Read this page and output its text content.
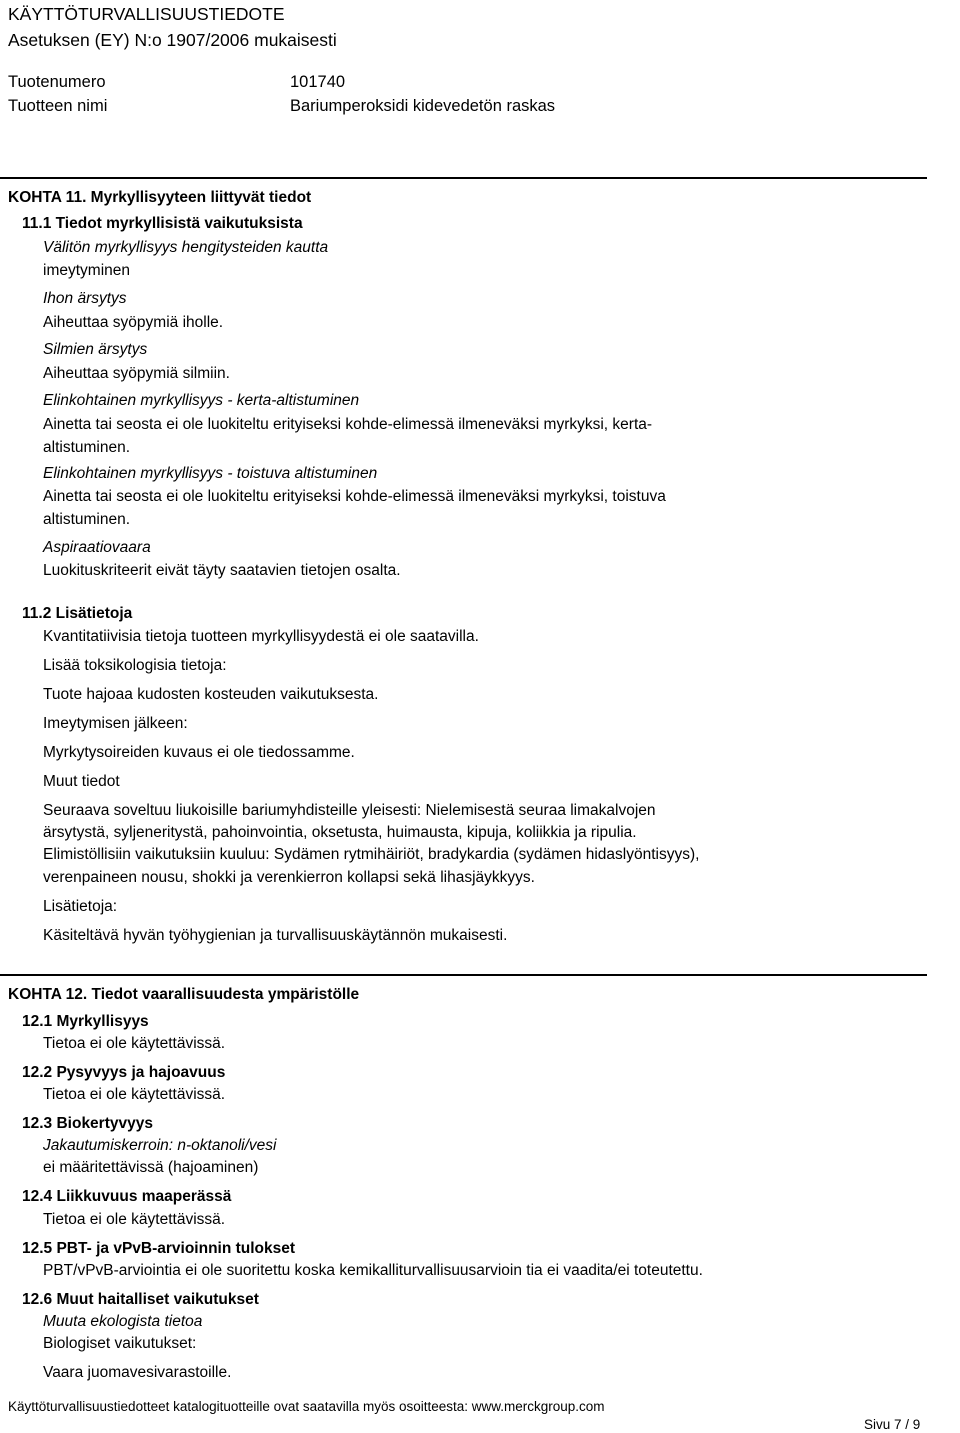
KÄYTTÖTURVALLISUUSTIEDOTE
Asetuksen (EY) N:o 1907/2006 mukaisesti
Tuotenumero	101740
Tuotteen nimi	Bariumperoksidi kidevedetön raskas
KOHTA 11. Myrkyllisyyteen liittyvät tiedot
11.1 Tiedot myrkyllisistä vaikutuksista
Välitön myrkyllisyys hengitysteiden kautta
imeytyminen
Ihon ärsytys
Aiheuttaa syöpymiä iholle.
Silmien ärsytys
Aiheuttaa syöpymiä silmiin.
Elinkohtainen myrkyllisyys - kerta-altistuminen
Ainetta tai seosta ei ole luokiteltu erityiseksi kohde-elimessä ilmeneväksi myrkyksi, kerta-
altistuminen.
Elinkohtainen myrkyllisyys - toistuva altistuminen
Ainetta tai seosta ei ole luokiteltu erityiseksi kohde-elimessä ilmeneväksi myrkyksi, toistuva
altistuminen.
Aspiraatiovaara
Luokituskriteerit eivät täyty saatavien tietojen osalta.
11.2 Lisätietoja
Kvantitatiivisia tietoja tuotteen myrkyllisyydestä ei ole saatavilla.
Lisää toksikologisia tietoja:
Tuote hajoaa kudosten kosteuden vaikutuksesta.
Imeytymisen jälkeen:
Myrkytysoireiden kuvaus ei ole tiedossamme.
Muut tiedot
Seuraava soveltuu liukoisille bariumyhdisteille yleisesti: Nielemisestä seuraa limakalvojen
ärsytystä, syljeneritystä, pahoinvointia, oksetusta, huimausta, kipuja, koliikkia ja ripulia.
Elimistöllisiin vaikutuksiin kuuluu: Sydämen rytmihäiriöt, bradykardia (sydämen hidaslyöntisyys),
verenpaineen nousu, shokki ja verenkierron kollapsi sekä lihasjäykkyys.
Lisätietoja:
Käsiteltävä hyvän työhygienian ja turvallisuuskäytännön mukaisesti.
KOHTA 12. Tiedot vaarallisuudesta ympäristölle
12.1 Myrkyllisyys
Tietoa ei ole käytettävissä.
12.2 Pysyvyys ja hajoavuus
Tietoa ei ole käytettävissä.
12.3 Biokertyvyys
Jakautumiskerroin: n-oktanoli/vesi
ei määritettävissä (hajoaminen)
12.4 Liikkuvuus maaperässä
Tietoa ei ole käytettävissä.
12.5 PBT- ja vPvB-arvioinnin tulokset
PBT/vPvB-arviointia ei ole suoritettu koska kemikalliturvallisuusarvioin tia ei vaadita/ei toteutettu.
12.6 Muut haitalliset vaikutukset
Muuta ekologista tietoa
Biologiset vaikutukset:
Vaara juomavesivarastoille.
Käyttöturvallisuustiedotteet katalogituotteille ovat saatavilla myös osoitteesta: www.merckgroup.com
Sivu 7 / 9
